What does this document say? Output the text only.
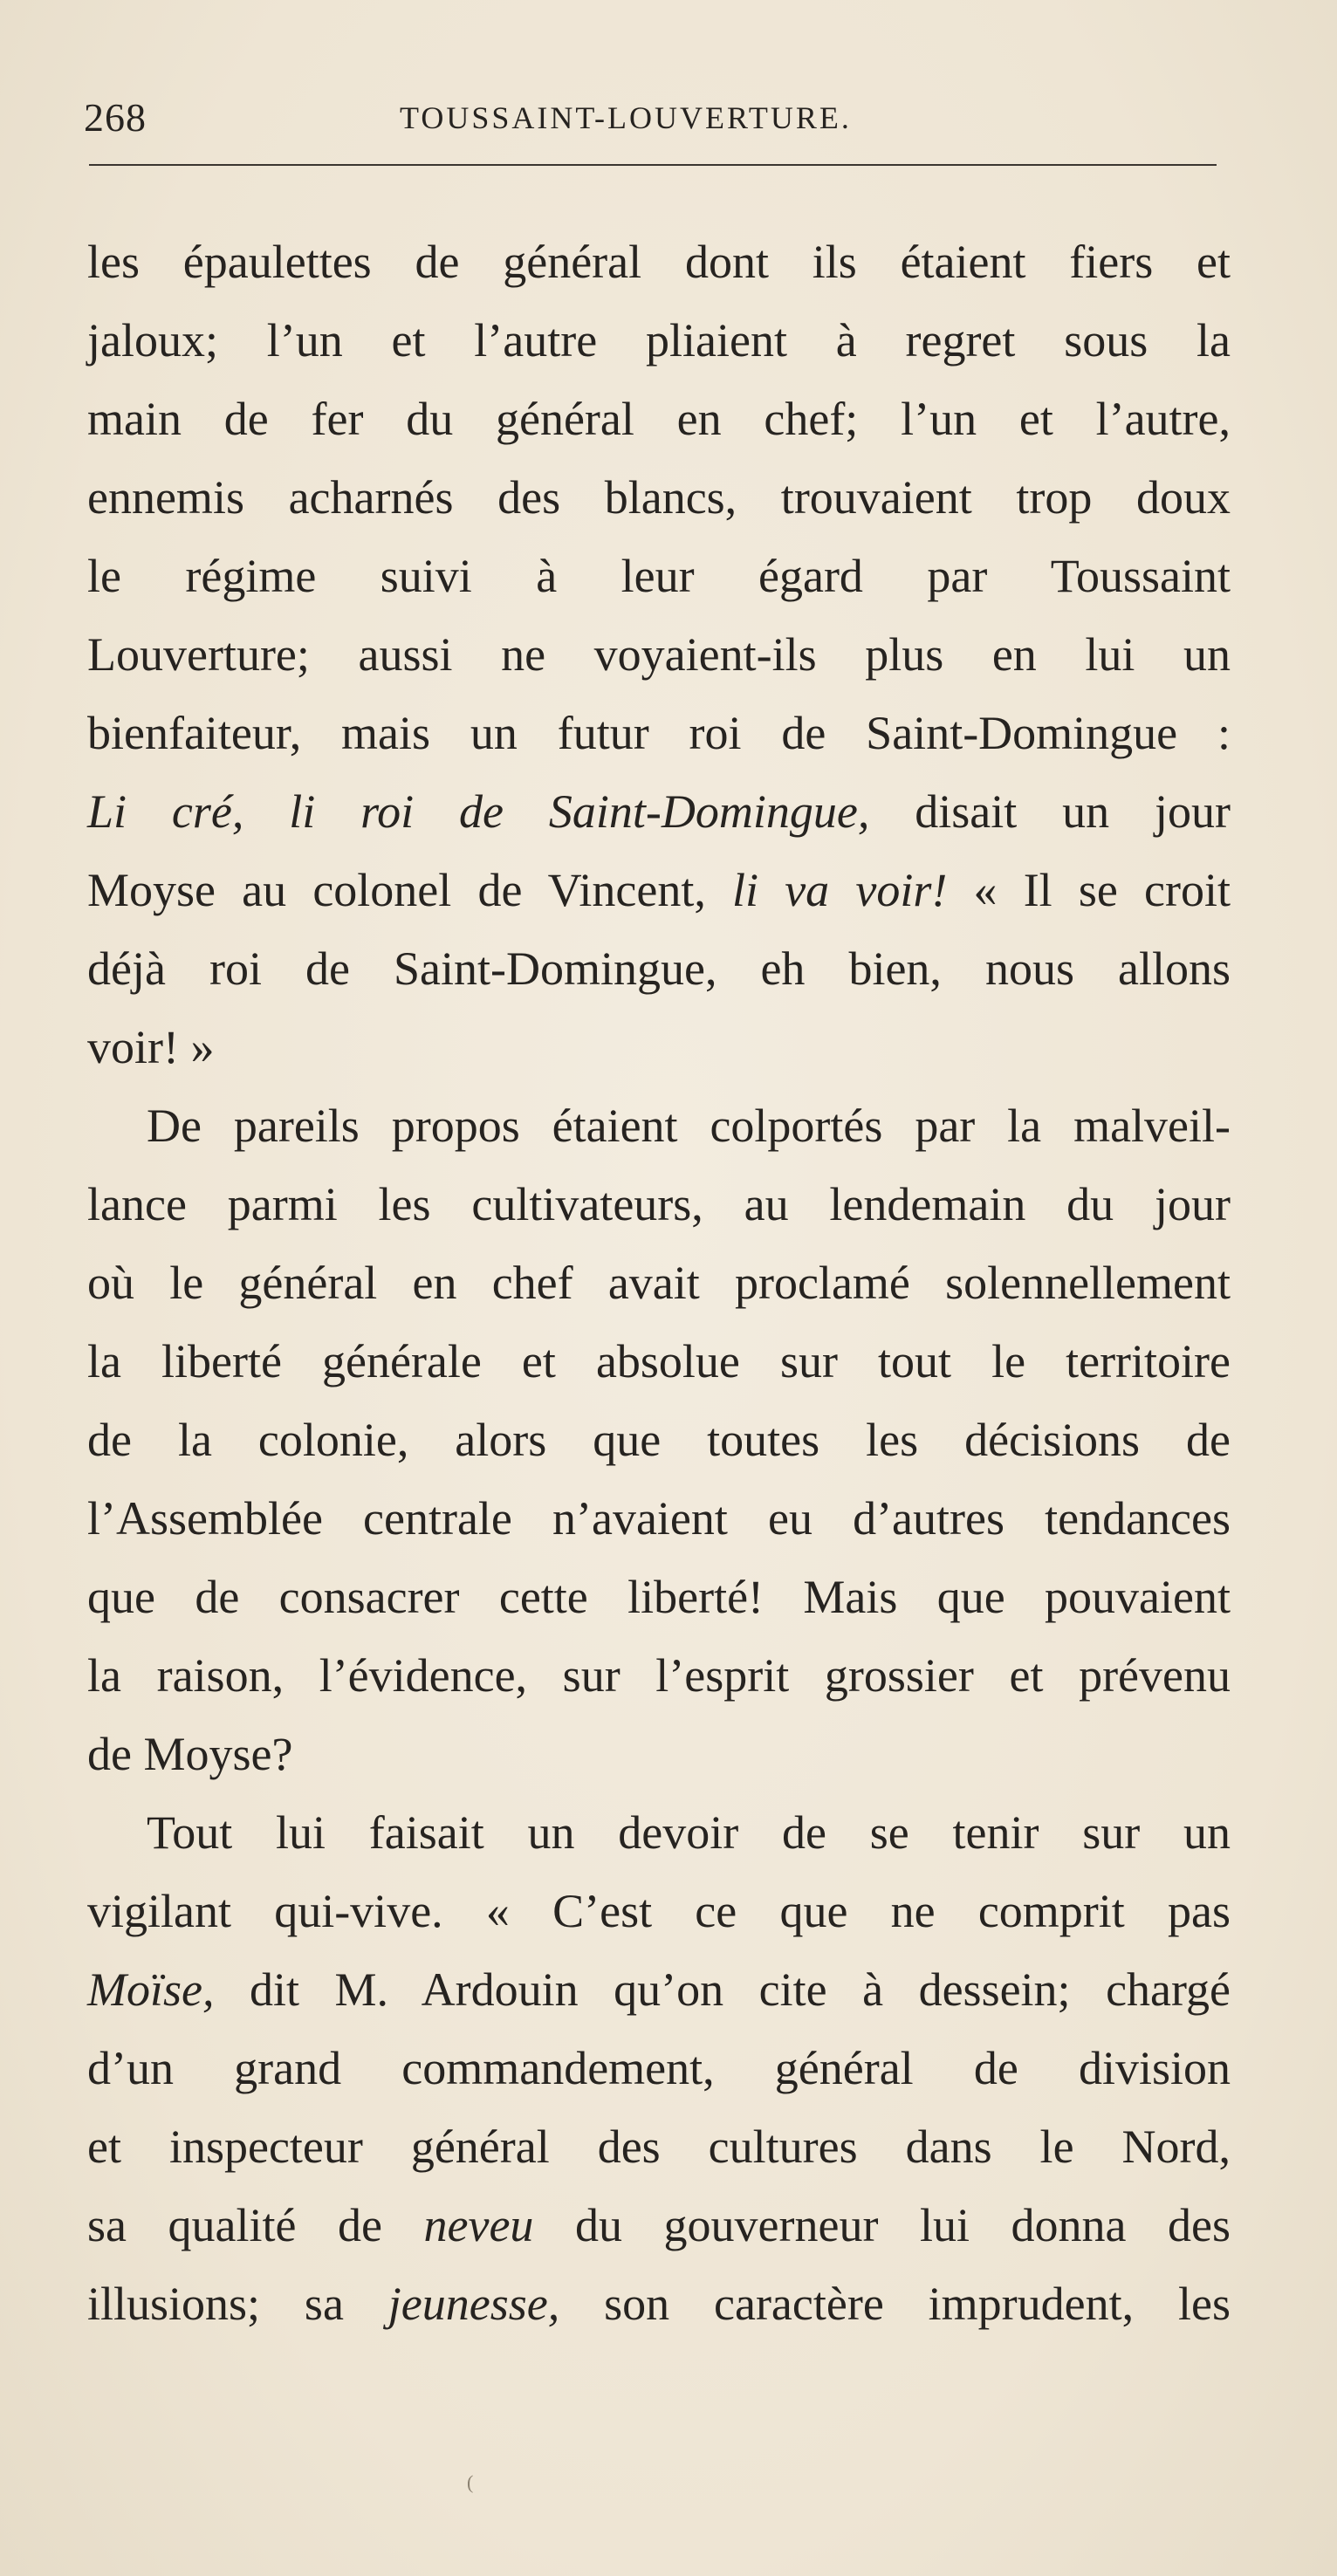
268	TOUSSAINT-LOUVERTURE.
les épaulettes de général dont ils étaient fiers et
jaloux; l’un et l’autre pliaient à regret sous la
main de fer du général en chef; l’un et l’autre,
ennemis acharnés des blancs, trouvaient trop doux
le régime suivi à leur égard par Toussaint
Louverture; aussi ne voyaient-ils plus en lui un
bienfaiteur, mais un futur roi de Saint-Domingue :
Li cré, li roi de Saint-Domingue, disait un jour
Moyse au colonel de Vincent, li va voir! « Il se croit
déjà roi de Saint-Domingue, eh bien, nous allons
voir! »
De pareils propos étaient colportés par la malveil-
lance parmi les cultivateurs, au lendemain du jour
où le général en chef avait proclamé solennellement
la liberté générale et absolue sur tout le territoire
de la colonie, alors que toutes les décisions de
l’Assemblée centrale n’avaient eu d’autres tendances
que de consacrer cette liberté! Mais que pouvaient
la raison, l’évidence, sur l’esprit grossier et prévenu
de Moyse?
Tout lui faisait un devoir de se tenir sur un
vigilant qui-vive. « C’est ce que ne comprit pas
Moïse, dit M. Ardouin qu’on cite à dessein; chargé
d’un grand commandement, général de division
et inspecteur général des cultures dans le Nord,
sa qualité de neveu du gouverneur lui donna des
illusions; sa jeunesse, son caractère imprudent, les
(
